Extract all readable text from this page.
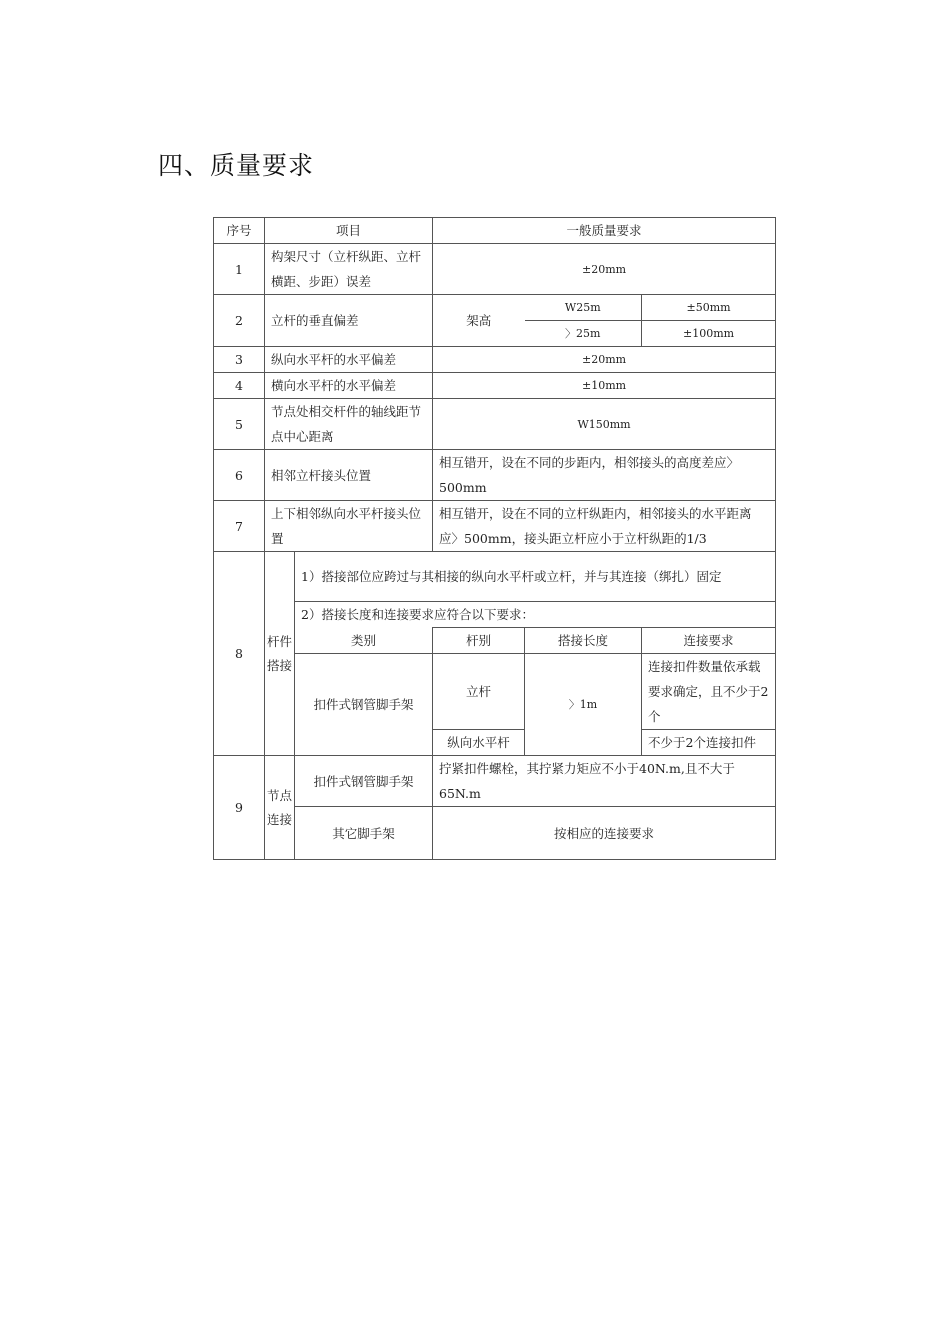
四、质量要求
序号	项目		一般质量要求		
1	构架尺寸（立杆纵距、立杆横距、步距）误差		±20mm		
2	立杆的垂直偏差		架高	W25m	±50mm
				〉25m	±100mm
3	纵向水平杆的水平偏差		±20mm		
4	横向水平杆的水平偏差		±10mm		
5	节点处相交杆件的轴线距节点中心距离		W150mm		
6	相邻立杆接头位置		相互错开，设在不同的步距内，相邻接头的高度差应〉500mm		
7	上下相邻纵向水平杆接头位置		相互错开，设在不同的立杆纵距内，相邻接头的水平距离应〉500mm，接头距立杆应小于立杆纵距的1/3		
8	杆件搭接	1）搭接部位应跨过与其相接的纵向水平杆或立杆，并与其连接（绑扎）固定			
		2）搭接长度和连接要求应符合以下要求：			
		类别	杆别	搭接长度	连接要求
		扣件式钢管脚手架	立杆	〉1m	连接扣件数量依承载要求确定，且不少于2个
			纵向水平杆		不少于2个连接扣件
9	节点连接	扣件式钢管脚手架	拧紧扣件螺栓，其拧紧力矩应不小于40N.m,且不大于65N.m		
		其它脚手架	按相应的连接要求		
